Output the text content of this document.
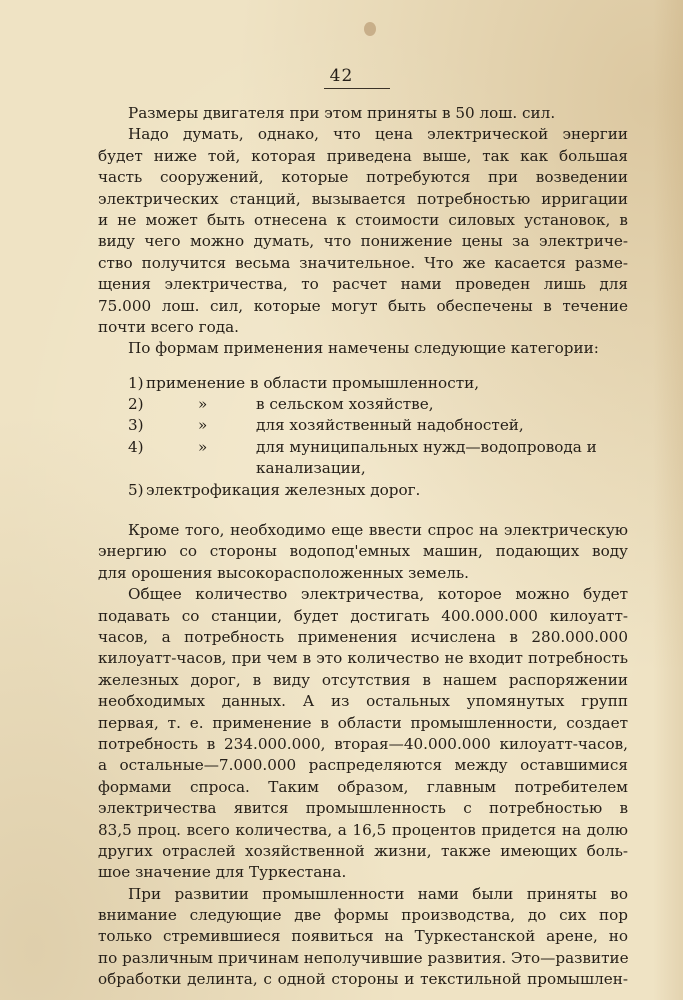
42
Размеры двигателя при этом приняты в 50 лош. сил.
Надо думать, однако, что цена электрической энергии
будет ниже той, которая приведена выше, так как большая
часть сооружений, которые потребуются при возведении
электрических станций, вызывается потребностью ирригации
и не может быть отнесена к стоимости силовых установок, в
виду чего можно думать, что понижение цены за электриче-
ство получится весьма значительное. Что же касается разме-
щения электричества, то расчет нами проведен лишь для
75.000 лош. сил, которые могут быть обеспечены в течение
почти всего года.
По формам применения намечены следующие категории:
1) применение в области промышленности,
2)	»	в сельском хозяйстве,
3)	»	для хозяйственный надобностей,
4)	»	для муниципальных нужд—водопровода и
канализации,
5) электрофикация железных дорог.
Кроме того, необходимо еще ввести спрос на электрическую
энергию со стороны водопод'емных машин, подающих воду
для орошения высокорасположенных земель.
Общее количество электричества, которое можно будет
подавать со станции, будет достигать 400.000.000 килоуатт-
часов, а потребность применения исчислена в 280.000.000
килоуатт-часов, при чем в это количество не входит потребность
железных дорог, в виду отсутствия в нашем распоряжении
необходимых данных. А из остальных упомянутых групп
первая, т. е. применение в области промышленности, создает
потребность в 234.000.000, вторая—40.000.000 килоуатт-часов,
а остальные—7.000.000 распределяются между оставшимися
формами спроса. Таким образом, главным потребителем
электричества явится промышленность с потребностью в
83,5 проц. всего количества, а 16,5 процентов придется на долю
других отраслей хозяйственной жизни, также имеющих боль-
шое значение для Туркестана.
При развитии промышленности нами были приняты во
внимание следующие две формы производства, до сих пор
только стремившиеся появиться на Туркестанской арене, но
по различным причинам неполучившие развития. Это—развитие
обработки делинта, с одной стороны и текстильной промышлен-
